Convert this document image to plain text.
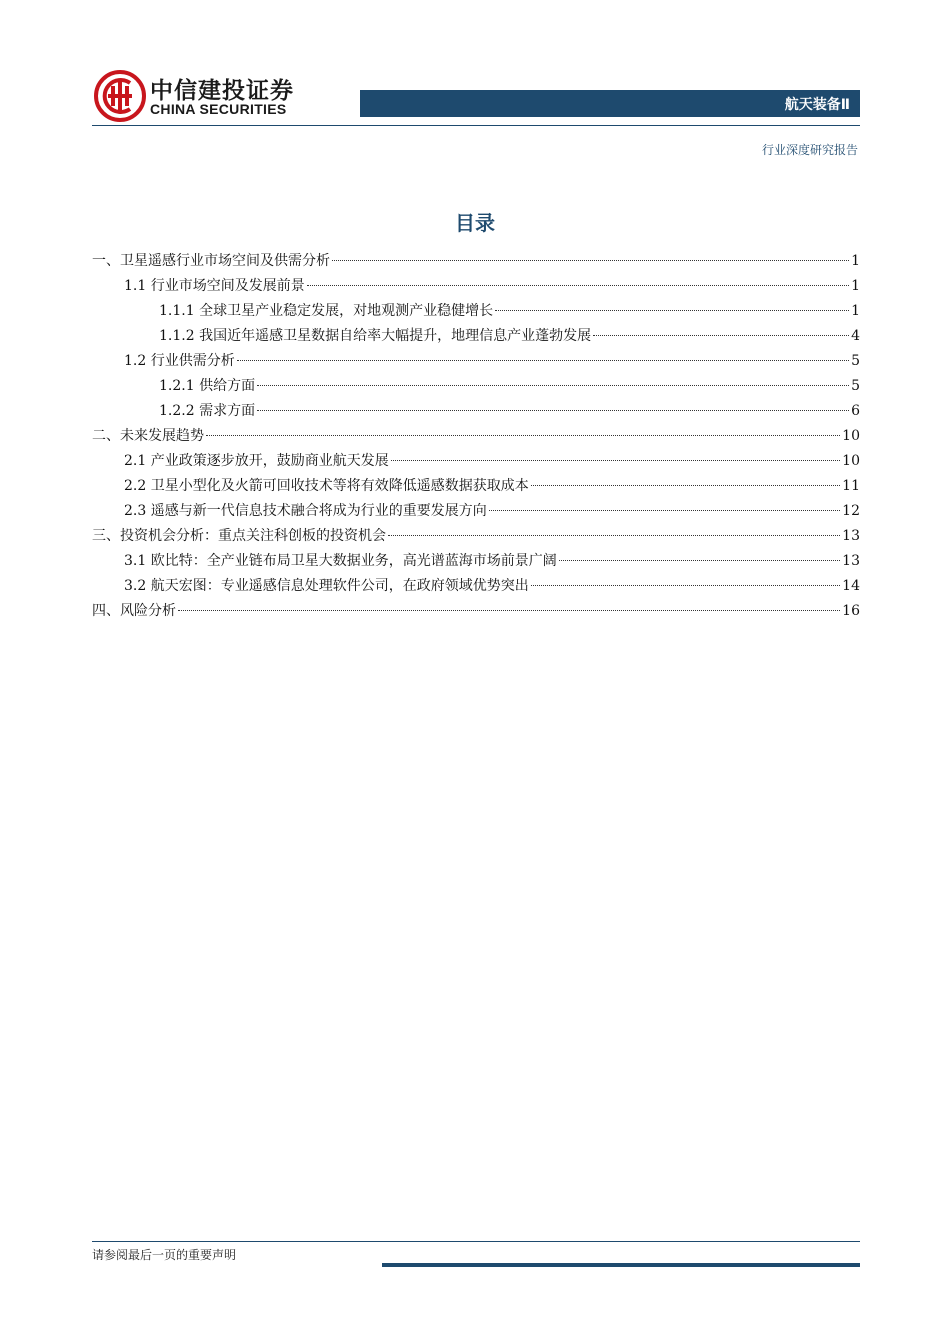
中信建投证券
CHINA SECURITIES	航天装备Ⅱ
行业深度研究报告
目录
一、卫星遥感行业市场空间及供需分析	1
1.1 行业市场空间及发展前景	1
1.1.1 全球卫星产业稳定发展，对地观测产业稳健增长	1
1.1.2 我国近年遥感卫星数据自给率大幅提升，地理信息产业蓬勃发展	4
1.2 行业供需分析	5
1.2.1 供给方面	5
1.2.2 需求方面	6
二、未来发展趋势	10
2.1 产业政策逐步放开，鼓励商业航天发展	10
2.2 卫星小型化及火箭可回收技术等将有效降低遥感数据获取成本	11
2.3 遥感与新一代信息技术融合将成为行业的重要发展方向	12
三、投资机会分析：重点关注科创板的投资机会	13
3.1 欧比特：全产业链布局卫星大数据业务，高光谱蓝海市场前景广阔	13
3.2 航天宏图：专业遥感信息处理软件公司，在政府领域优势突出	14
四、风险分析	16
请参阅最后一页的重要声明
